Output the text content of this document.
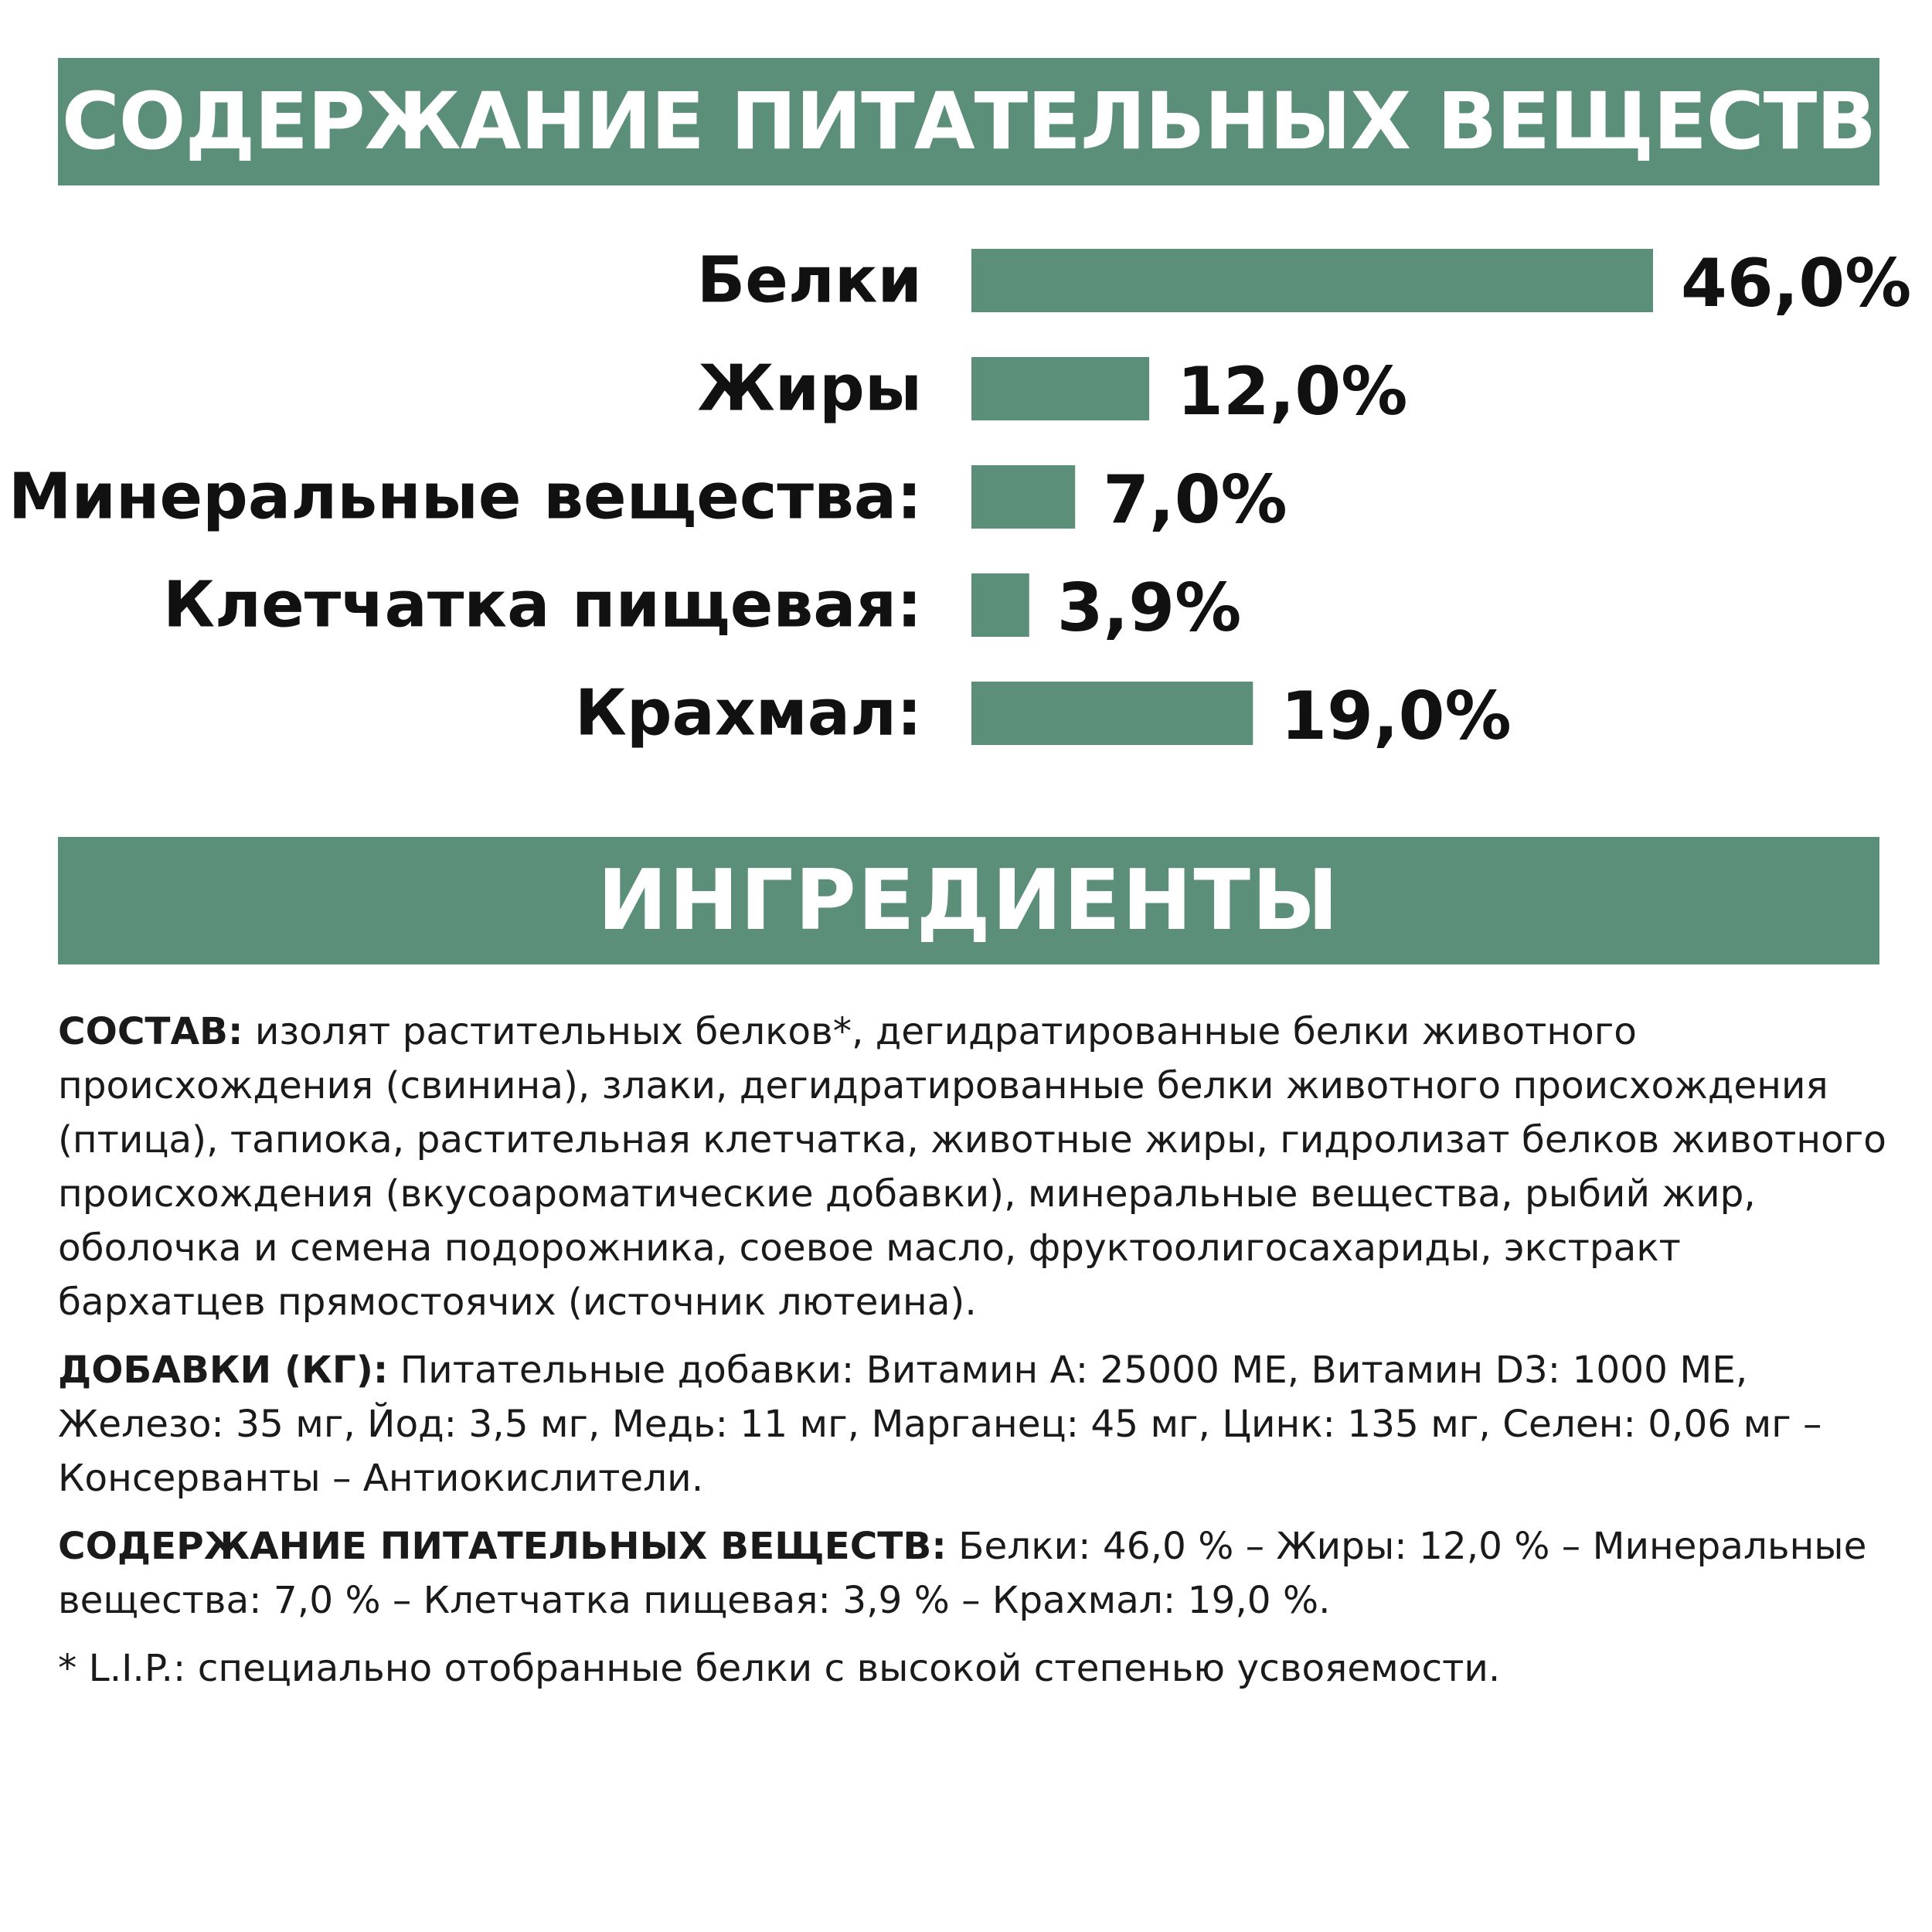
СОДЕРЖАНИЕ ПИТАТЕЛЬНЫХ ВЕЩЕСТВ
Белки	46,0%
Жиры	12,0%
Минеральные вещества:	7,0%
Клетчатка пищевая: 3,9%
Крахмал:	19,0%
ИНГРЕДИЕНТЫ

СОСТАВ: изолят растительных белков*, дегидратированные белки животного происхождения (свинина), злаки, дегидратированные белки животного происхождения (птица), тапиока, растительная клетчатка, животные жиры, гидролизат белков животного происхождения (вкусоароматические добавки), минеральные вещества, рыбий жир, оболочка и семена подорожника, соевое масло, фруктоолигосахариды, экстракт бархатцев прямостоячих (источник лютеина).

ДОБАВКИ (КГ): Питательные добавки: Витамин А: 25000 МЕ, Витамин D3: 1000 МЕ, Железо: 35 мг, Йод: 3,5 мг, Медь: 11 мг, Марганец: 45 мг, Цинк: 135 мг, Селен: 0,06 мг – Консерванты – Антиокислители.

СОДЕРЖАНИЕ ПИТАТЕЛЬНЫХ ВЕЩЕСТВ: Белки: 46,0 % – Жиры: 12,0 % – Минеральные вещества: 7,0 % – Клетчатка пищевая: 3,9 % – Крахмал: 19,0 %.

* L.I.P.: специально отобранные белки с высокой степенью усвояемости.
